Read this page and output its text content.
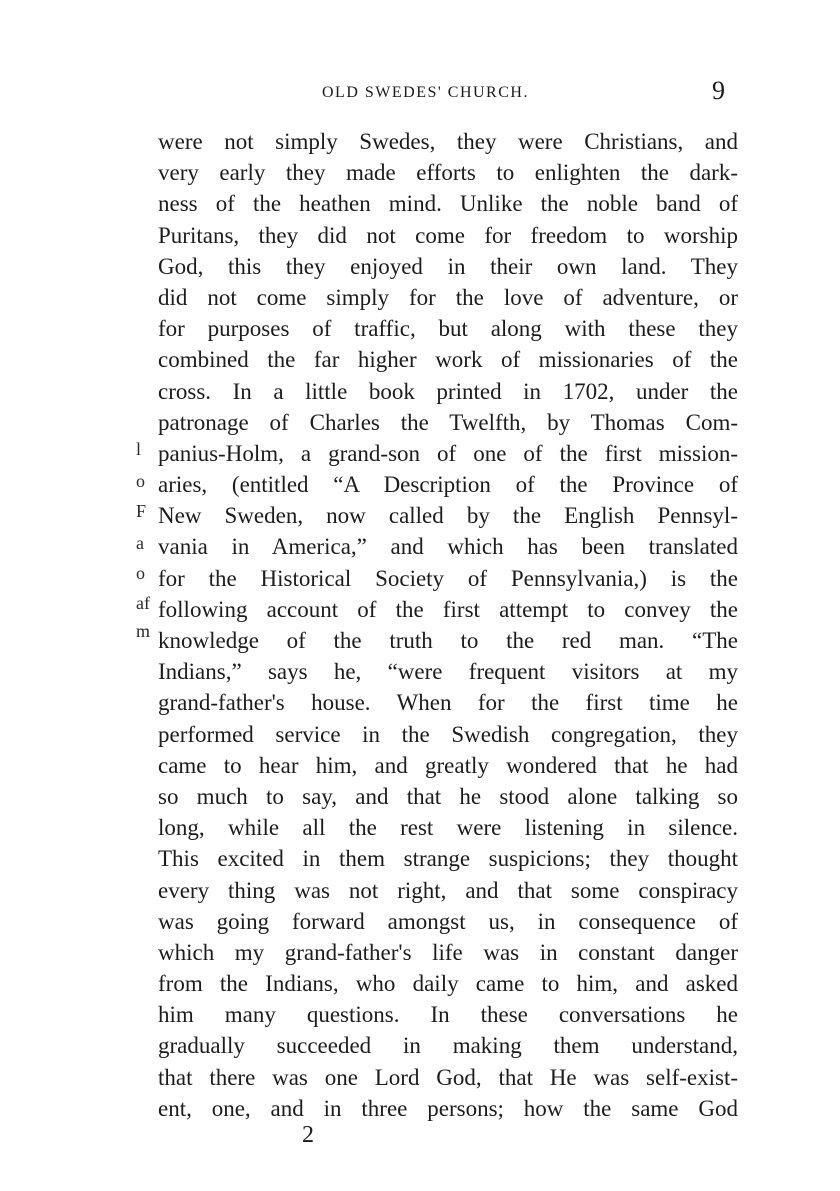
OLD SWEDES' CHURCH.	9
were not simply Swedes, they were Christians, and
very early they made efforts to enlighten the dark-
ness of the heathen mind. Unlike the noble band of
Puritans, they did not come for freedom to worship
God, this they enjoyed in their own land. They
did not come simply for the love of adventure, or
for purposes of traffic, but along with these they
combined the far higher work of missionaries of the
cross. In a little book printed in 1702, under the
patronage of Charles the Twelfth, by Thomas Com-
panius-Holm, a grand-son of one of the first mission-
aries, (entitled “A Description of the Province of
New Sweden, now called by the English Pennsyl-
vania in America,” and which has been translated
for the Historical Society of Pennsylvania,) is the
following account of the first attempt to convey the
knowledge of the truth to the red man. “The
Indians,” says he, “were frequent visitors at my
grand-father's house. When for the first time he
performed service in the Swedish congregation, they
came to hear him, and greatly wondered that he had
so much to say, and that he stood alone talking so
long, while all the rest were listening in silence.
This excited in them strange suspicions; they thought
every thing was not right, and that some conspiracy
was going forward amongst us, in consequence of
which my grand-father's life was in constant danger
from the Indians, who daily came to him, and asked
him many questions. In these conversations he
gradually succeeded in making them understand,
that there was one Lord God, that He was self-exist-
ent, one, and in three persons; how the same God
l
o
F
a
o
af
m
2
